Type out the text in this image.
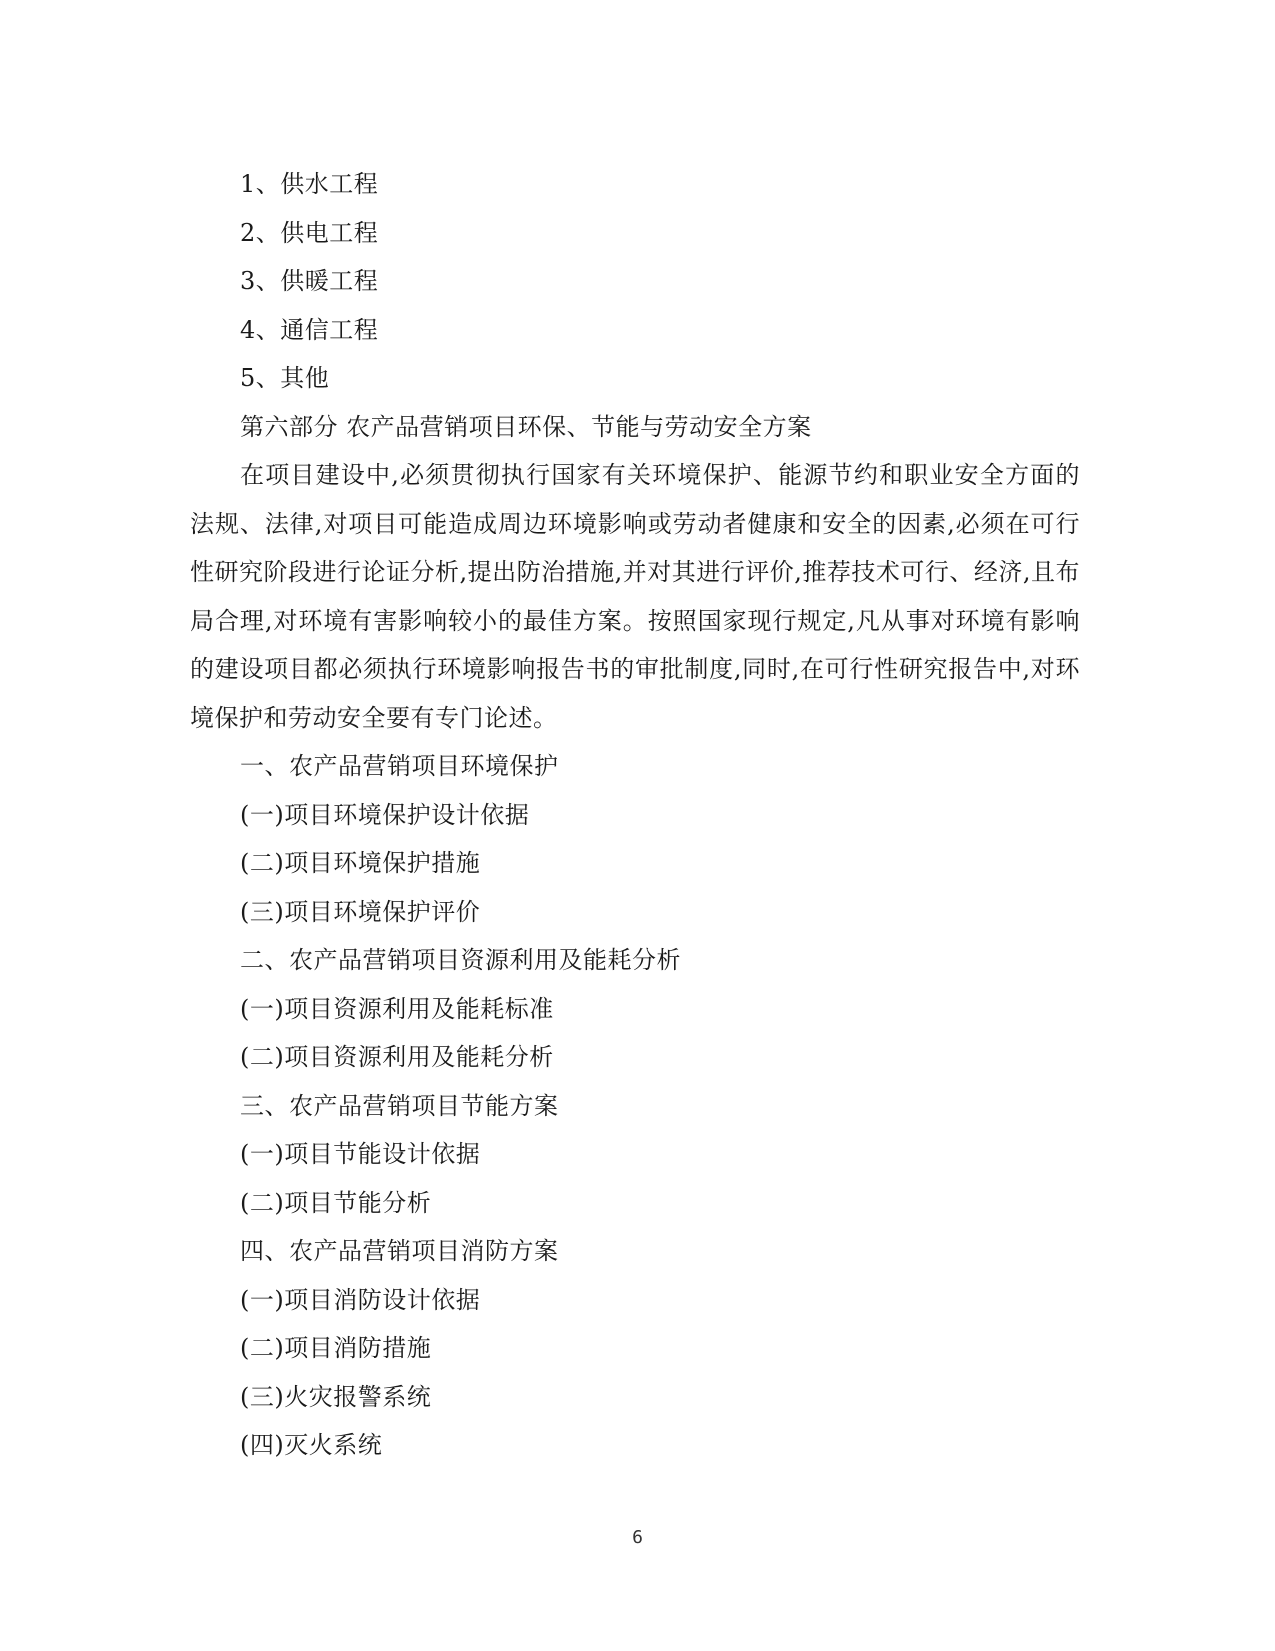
1、供水工程
2、供电工程
3、供暖工程
4、通信工程
5、其他
第六部分 农产品营销项目环保、节能与劳动安全方案

在项目建设中,必须贯彻执行国家有关环境保护、能源节约和职业安全方面的法规、法律,对项目可能造成周边环境影响或劳动者健康和安全的因素,必须在可行性研究阶段进行论证分析,提出防治措施,并对其进行评价,推荐技术可行、经济,且布局合理,对环境有害影响较小的最佳方案。按照国家现行规定,凡从事对环境有影响的建设项目都必须执行环境影响报告书的审批制度,同时,在可行性研究报告中,对环境保护和劳动安全要有专门论述。

一、农产品营销项目环境保护
(一)项目环境保护设计依据
(二)项目环境保护措施
(三)项目环境保护评价
二、农产品营销项目资源利用及能耗分析
(一)项目资源利用及能耗标准
(二)项目资源利用及能耗分析
三、农产品营销项目节能方案
(一)项目节能设计依据
(二)项目节能分析
四、农产品营销项目消防方案
(一)项目消防设计依据
(二)项目消防措施
(三)火灾报警系统
(四)灭火系统
6
